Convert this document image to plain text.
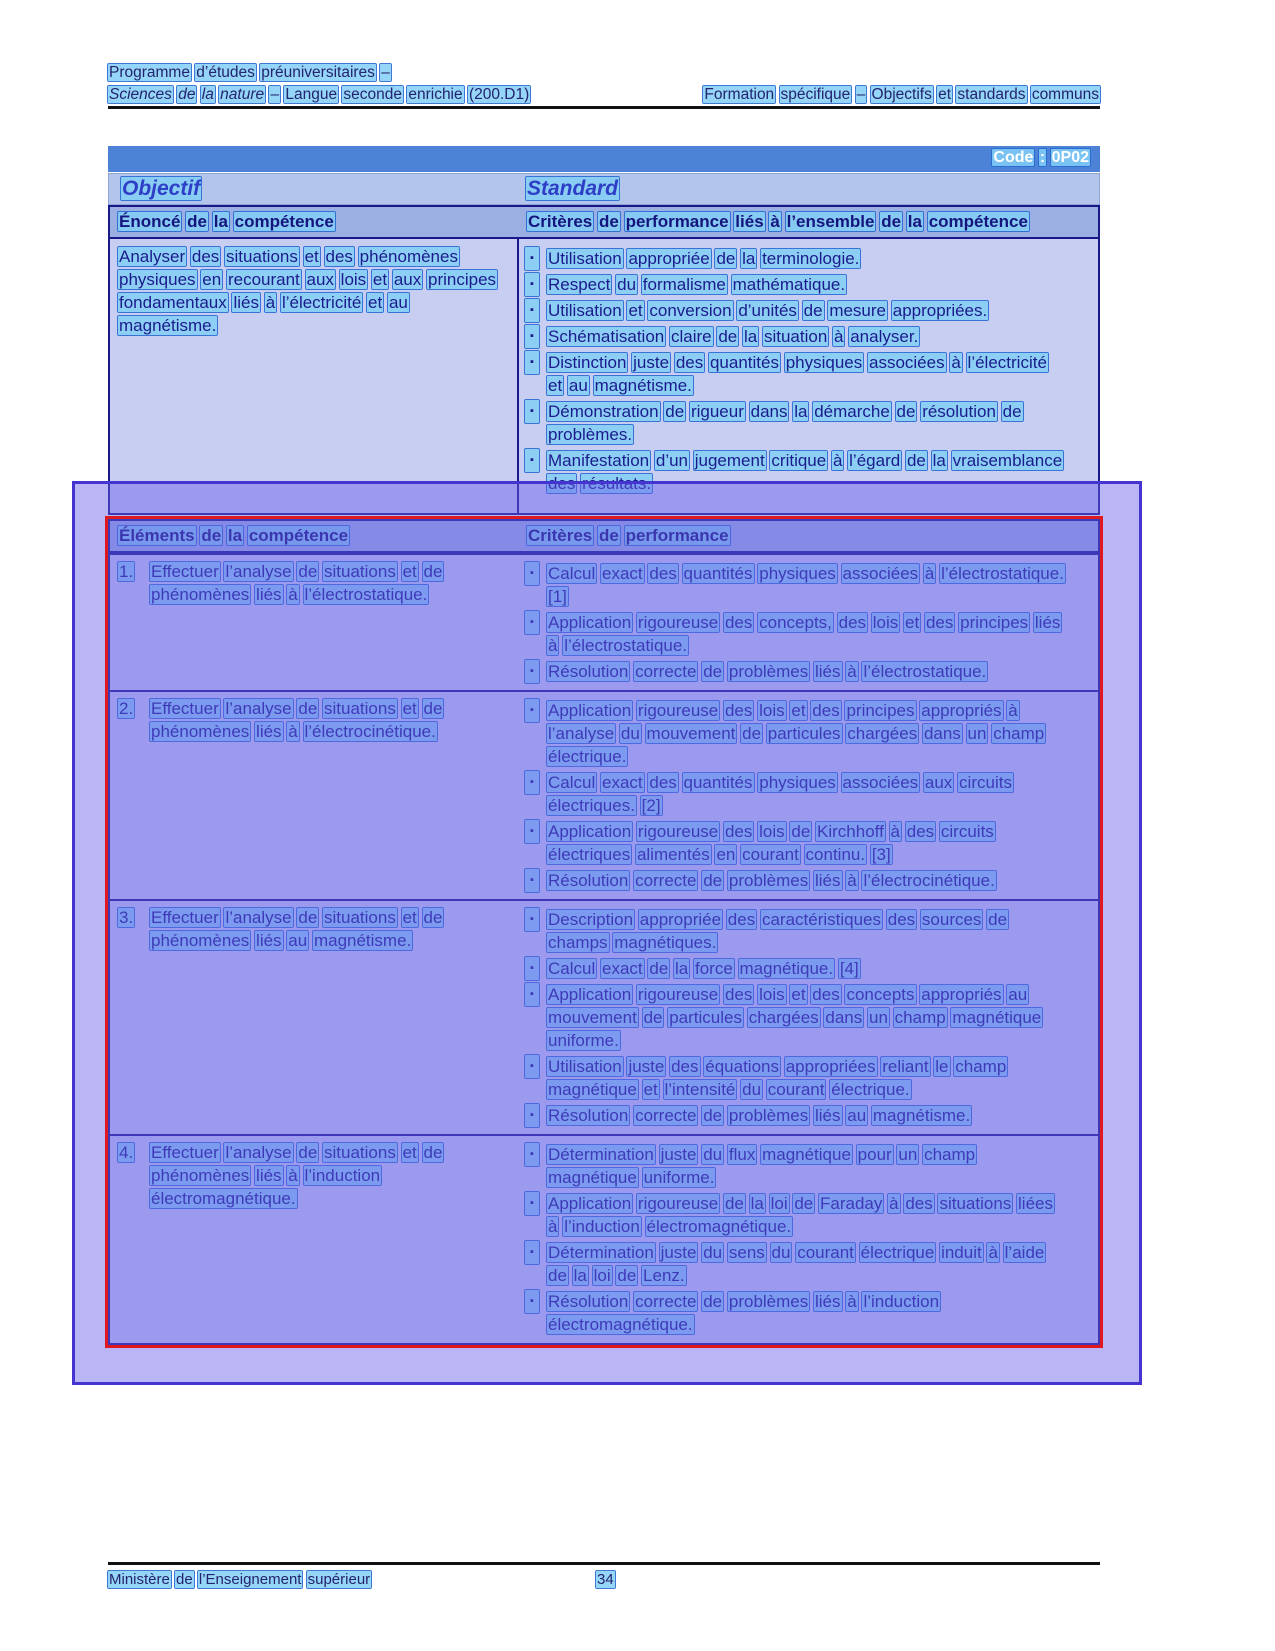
Programme d’études préuniversitaires –
Sciences de la nature – Langue seconde enrichie (200.D1)	Formation spécifique – Objectifs et standards communs
Code : 0P02
Objectif	Standard
Énoncé de la compétence	Critères de performance liés à l’ensemble de la compétence
Analyser des situations et des phénomènes physiques en recourant aux lois et aux principes fondamentaux liés à l’électricité et au magnétisme.
▪ Utilisation appropriée de la terminologie.
▪ Respect du formalisme mathématique.
▪ Utilisation et conversion d’unités de mesure appropriées.
▪ Schématisation claire de la situation à analyser.
▪ Distinction juste des quantités physiques associées à l’électricité et au magnétisme.
▪ Démonstration de rigueur dans la démarche de résolution de problèmes.
▪ Manifestation d’un jugement critique à l’égard de la vraisemblance des résultats.
Éléments de la compétence	Critères de performance
1.	Effectuer l’analyse de situations et de phénomènes liés à l’électrostatique.
▪ Calcul exact des quantités physiques associées à l’électrostatique. [1]
▪ Application rigoureuse des concepts, des lois et des principes liés à l’électrostatique.
▪ Résolution correcte de problèmes liés à l’électrostatique.
2.	Effectuer l’analyse de situations et de phénomènes liés à l’électrocinétique.
▪ Application rigoureuse des lois et des principes appropriés à l’analyse du mouvement de particules chargées dans un champ électrique.
▪ Calcul exact des quantités physiques associées aux circuits électriques. [2]
▪ Application rigoureuse des lois de Kirchhoff à des circuits électriques alimentés en courant continu. [3]
▪ Résolution correcte de problèmes liés à l’électrocinétique.
3.	Effectuer l’analyse de situations et de phénomènes liés au magnétisme.
▪ Description appropriée des caractéristiques des sources de champs magnétiques.
▪ Calcul exact de la force magnétique. [4]
▪ Application rigoureuse des lois et des concepts appropriés au mouvement de particules chargées dans un champ magnétique uniforme.
▪ Utilisation juste des équations appropriées reliant le champ magnétique et l’intensité du courant électrique.
▪ Résolution correcte de problèmes liés au magnétisme.
4.	Effectuer l’analyse de situations et de phénomènes liés à l’induction électromagnétique.
▪ Détermination juste du flux magnétique pour un champ magnétique uniforme.
▪ Application rigoureuse de la loi de Faraday à des situations liées à l’induction électromagnétique.
▪ Détermination juste du sens du courant électrique induit à l’aide de la loi de Lenz.
▪ Résolution correcte de problèmes liés à l’induction électromagnétique.
Ministère de l’Enseignement supérieur	34
